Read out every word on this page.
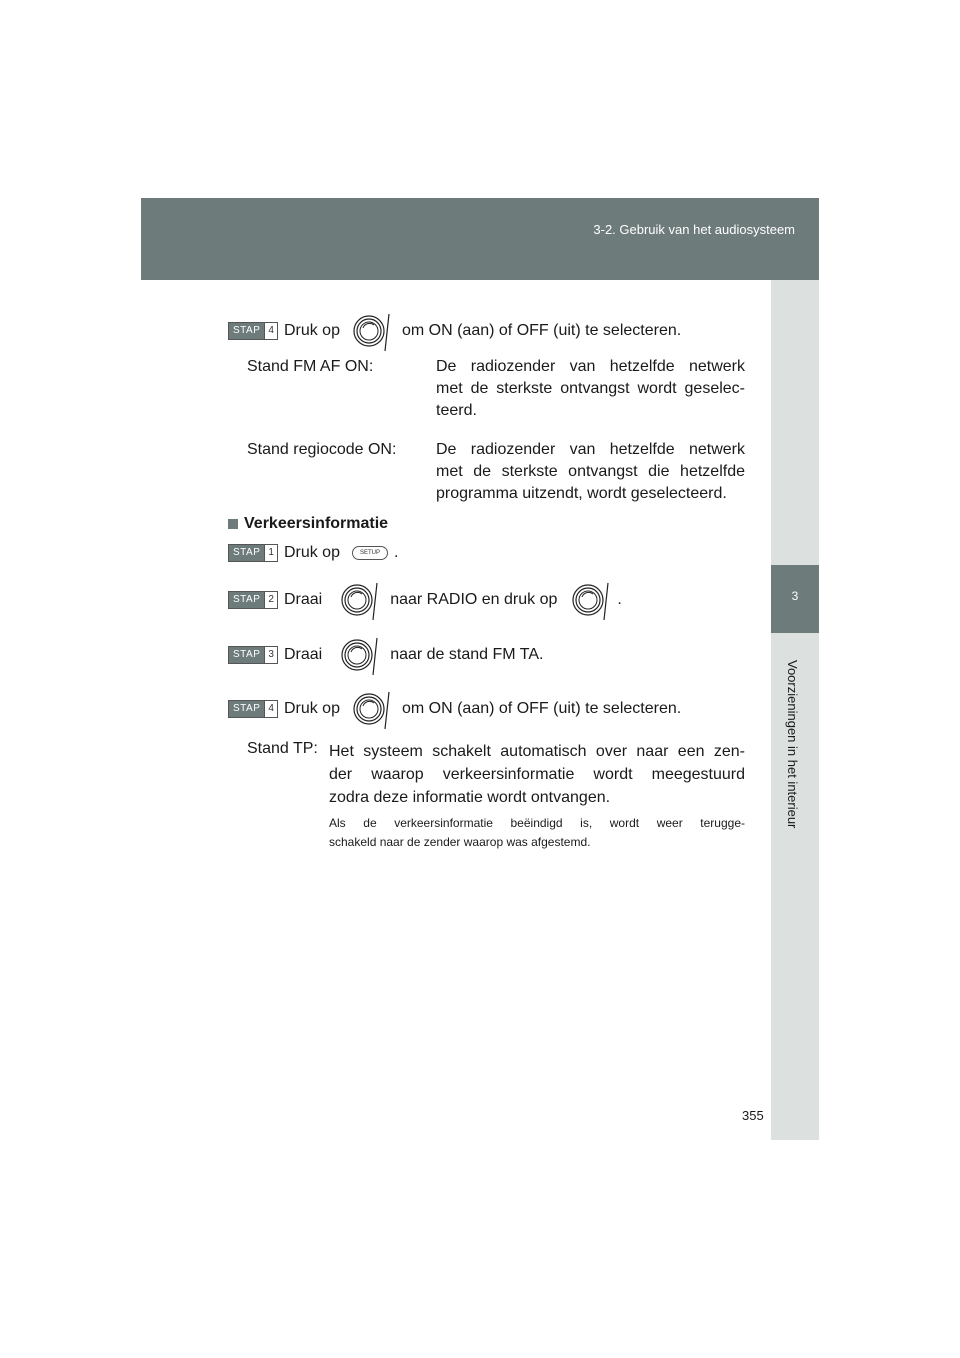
3-2. Gebruik van het audiosysteem
3
Voorzieningen in het interieur
STAP 4 Druk op	om ON (aan) of OFF (uit) te selecteren.
Stand FM AF ON:	De radiozender van hetzelfde netwerk
met de sterkste ontvangst wordt geselec-
teerd.
Stand regiocode ON: De radiozender van hetzelfde netwerk
met de sterkste ontvangst die hetzelfde
programma uitzendt, wordt geselecteerd.
Verkeersinformatie
STAP 1 Druk op	SETUP .
STAP 2 Draai	naar RADIO en druk op	.
STAP 3 Draai	naar de stand FM TA.
STAP 4 Druk op	om ON (aan) of OFF (uit) te selecteren.
Stand TP: Het systeem schakelt automatisch over naar een zen-
der waarop verkeersinformatie wordt meegestuurd
zodra deze informatie wordt ontvangen.
Als de verkeersinformatie beëindigd is, wordt weer terugge-
schakeld naar de zender waarop was afgestemd.
355
